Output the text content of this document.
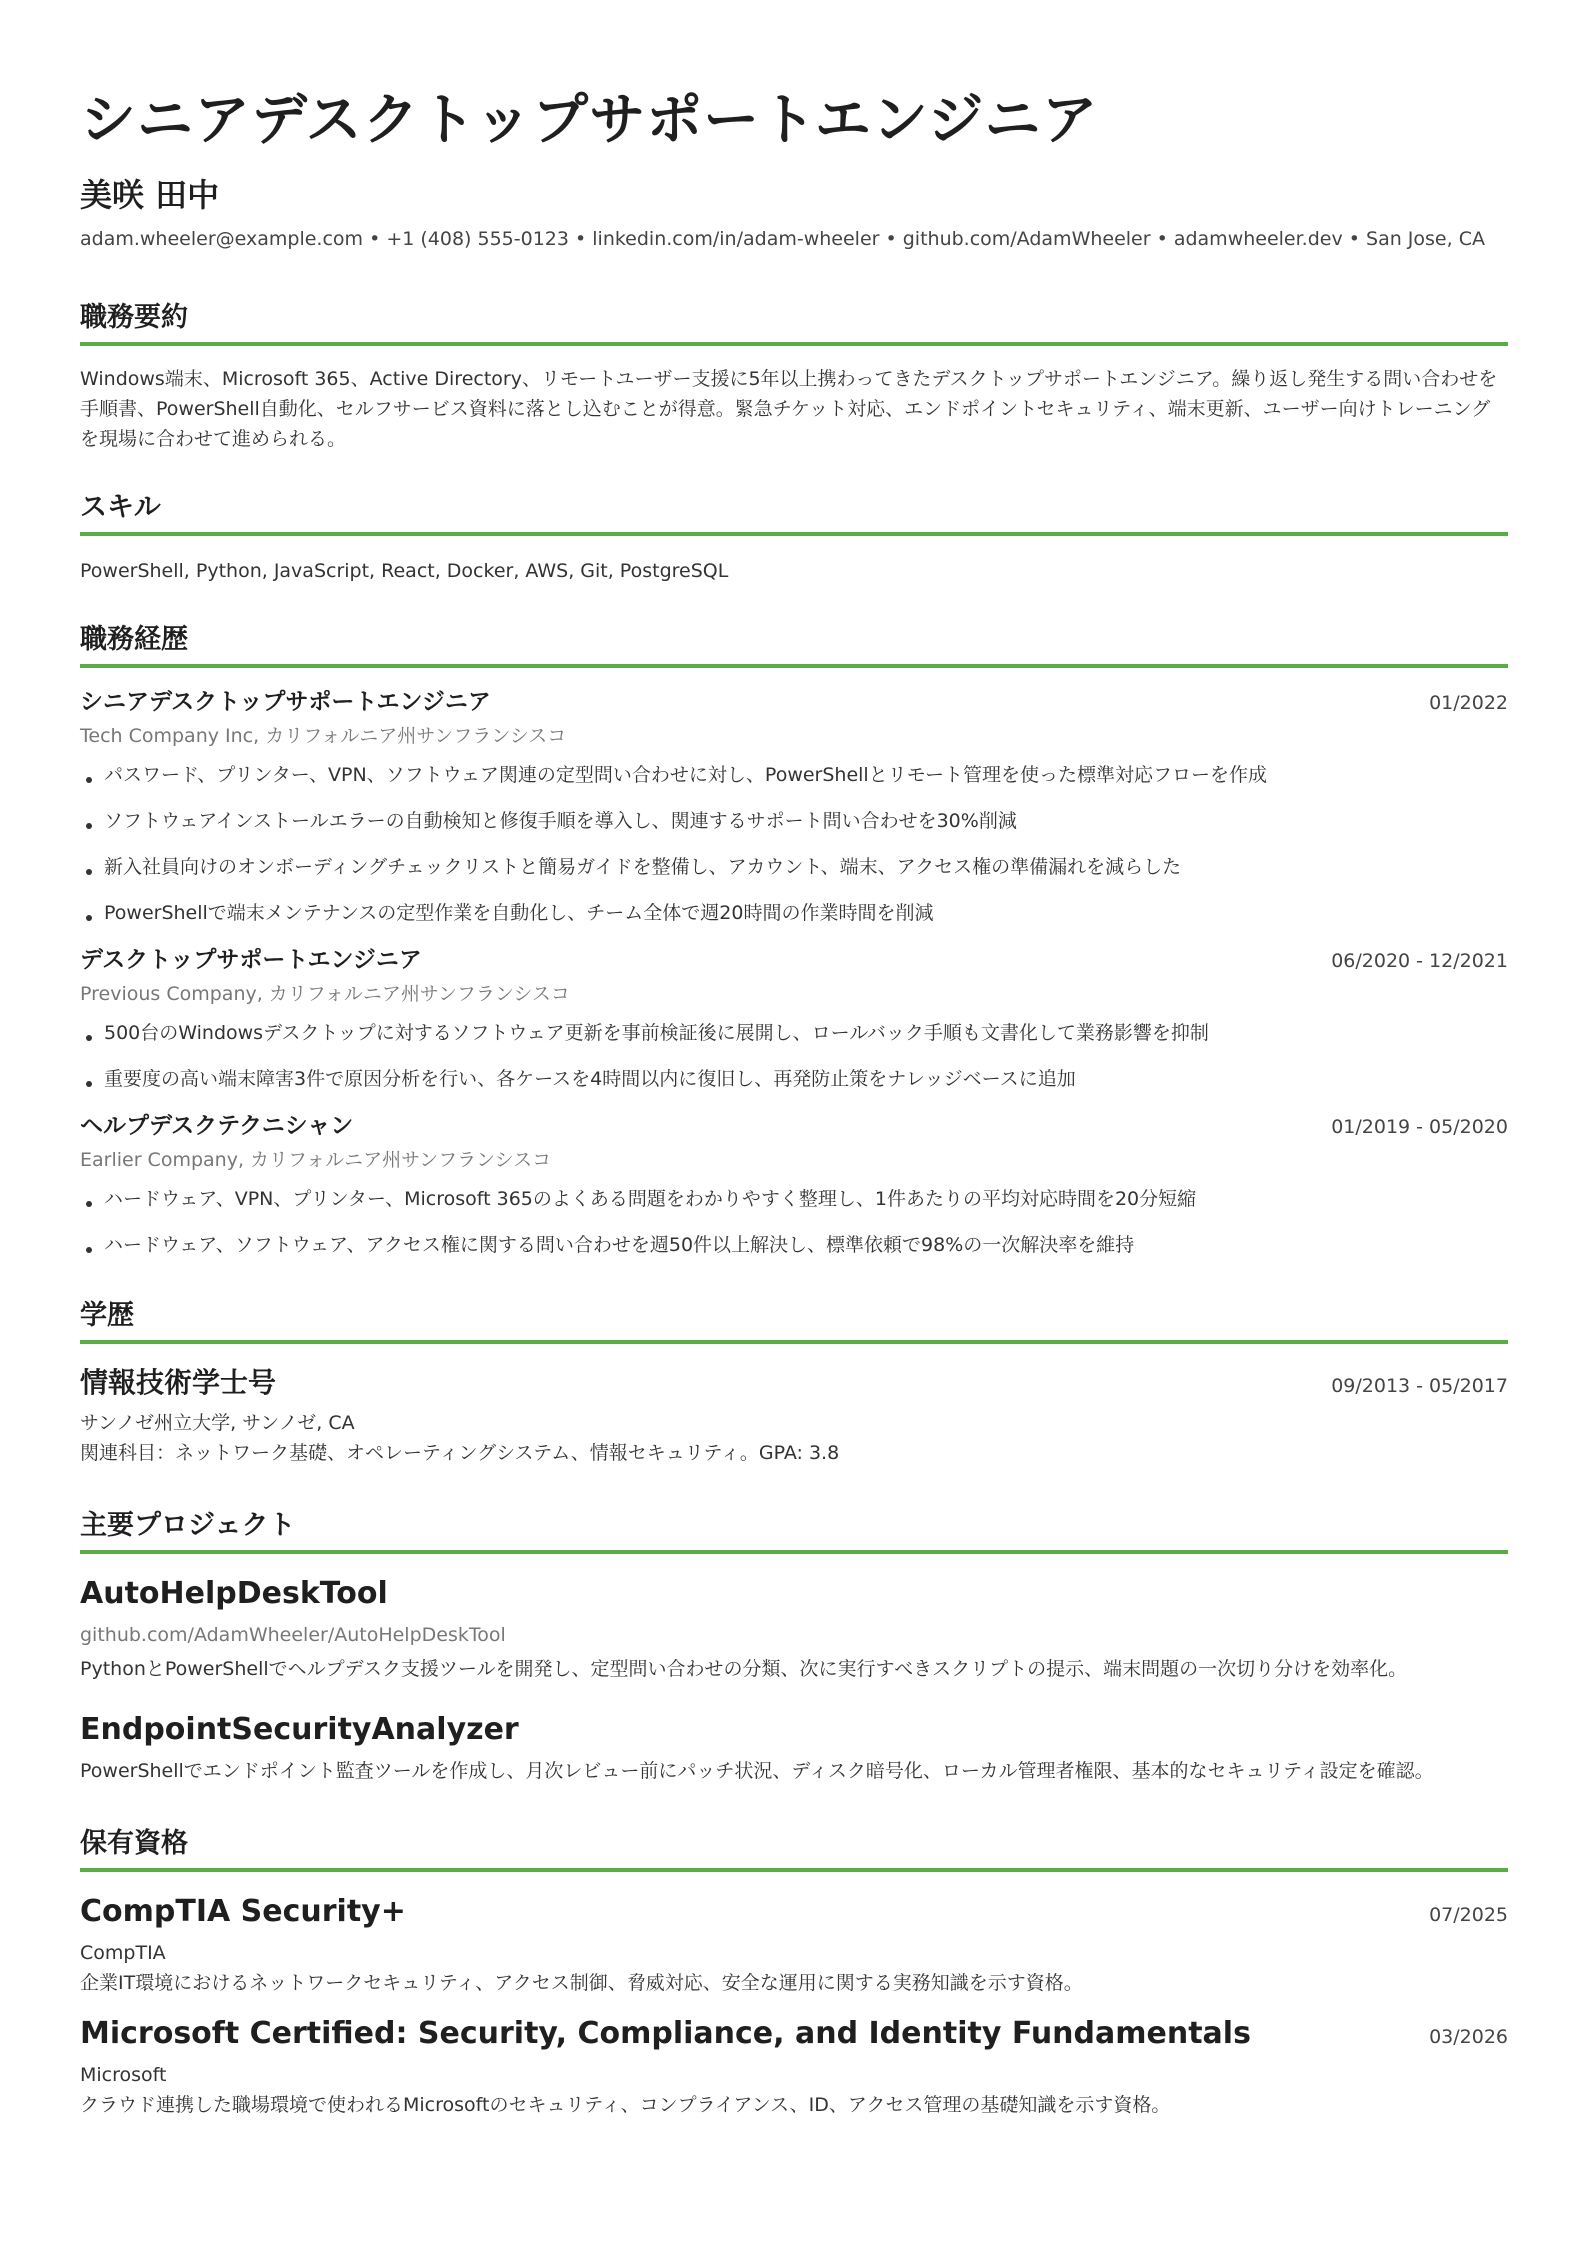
シニアデスクトップサポートエンジニア
美咲 田中
adam.wheeler@example.com • +1 (408) 555-0123 • linkedin.com/in/adam-wheeler • github.com/AdamWheeler • adamwheeler.dev • San Jose, CA
職務要約
Windows端末、Microsoft 365、Active Directory、リモートユーザー支援に5年以上携わってきたデスクトップサポートエンジニア。繰り返し発生する問い合わせを手順書、PowerShell自動化、セルフサービス資料に落とし込むことが得意。緊急チケット対応、エンドポイントセキュリティ、端末更新、ユーザー向けトレーニングを現場に合わせて進められる。
スキル
PowerShell, Python, JavaScript, React, Docker, AWS, Git, PostgreSQL
職務経歴
シニアデスクトップサポートエンジニア	01/2022
Tech Company Inc, カリフォルニア州サンフランシスコ
パスワード、プリンター、VPN、ソフトウェア関連の定型問い合わせに対し、PowerShellとリモート管理を使った標準対応フローを作成
ソフトウェアインストールエラーの自動検知と修復手順を導入し、関連するサポート問い合わせを30%削減
新入社員向けのオンボーディングチェックリストと簡易ガイドを整備し、アカウント、端末、アクセス権の準備漏れを減らした
PowerShellで端末メンテナンスの定型作業を自動化し、チーム全体で週20時間の作業時間を削減
デスクトップサポートエンジニア	06/2020 - 12/2021
Previous Company, カリフォルニア州サンフランシスコ
500台のWindowsデスクトップに対するソフトウェア更新を事前検証後に展開し、ロールバック手順も文書化して業務影響を抑制
重要度の高い端末障害3件で原因分析を行い、各ケースを4時間以内に復旧し、再発防止策をナレッジベースに追加
ヘルプデスクテクニシャン	01/2019 - 05/2020
Earlier Company, カリフォルニア州サンフランシスコ
ハードウェア、VPN、プリンター、Microsoft 365のよくある問題をわかりやすく整理し、1件あたりの平均対応時間を20分短縮
ハードウェア、ソフトウェア、アクセス権に関する問い合わせを週50件以上解決し、標準依頼で98%の一次解決率を維持
学歴
情報技術学士号	09/2013 - 05/2017
サンノゼ州立大学, サンノゼ, CA
関連科目：ネットワーク基礎、オペレーティングシステム、情報セキュリティ。GPA: 3.8
主要プロジェクト
AutoHelpDeskTool
github.com/AdamWheeler/AutoHelpDeskTool
PythonとPowerShellでヘルプデスク支援ツールを開発し、定型問い合わせの分類、次に実行すべきスクリプトの提示、端末問題の一次切り分けを効率化。
EndpointSecurityAnalyzer
PowerShellでエンドポイント監査ツールを作成し、月次レビュー前にパッチ状況、ディスク暗号化、ローカル管理者権限、基本的なセキュリティ設定を確認。
保有資格
CompTIA Security+	07/2025
CompTIA
企業IT環境におけるネットワークセキュリティ、アクセス制御、脅威対応、安全な運用に関する実務知識を示す資格。
Microsoft Certified: Security, Compliance, and Identity Fundamentals	03/2026
Microsoft
クラウド連携した職場環境で使われるMicrosoftのセキュリティ、コンプライアンス、ID、アクセス管理の基礎知識を示す資格。
